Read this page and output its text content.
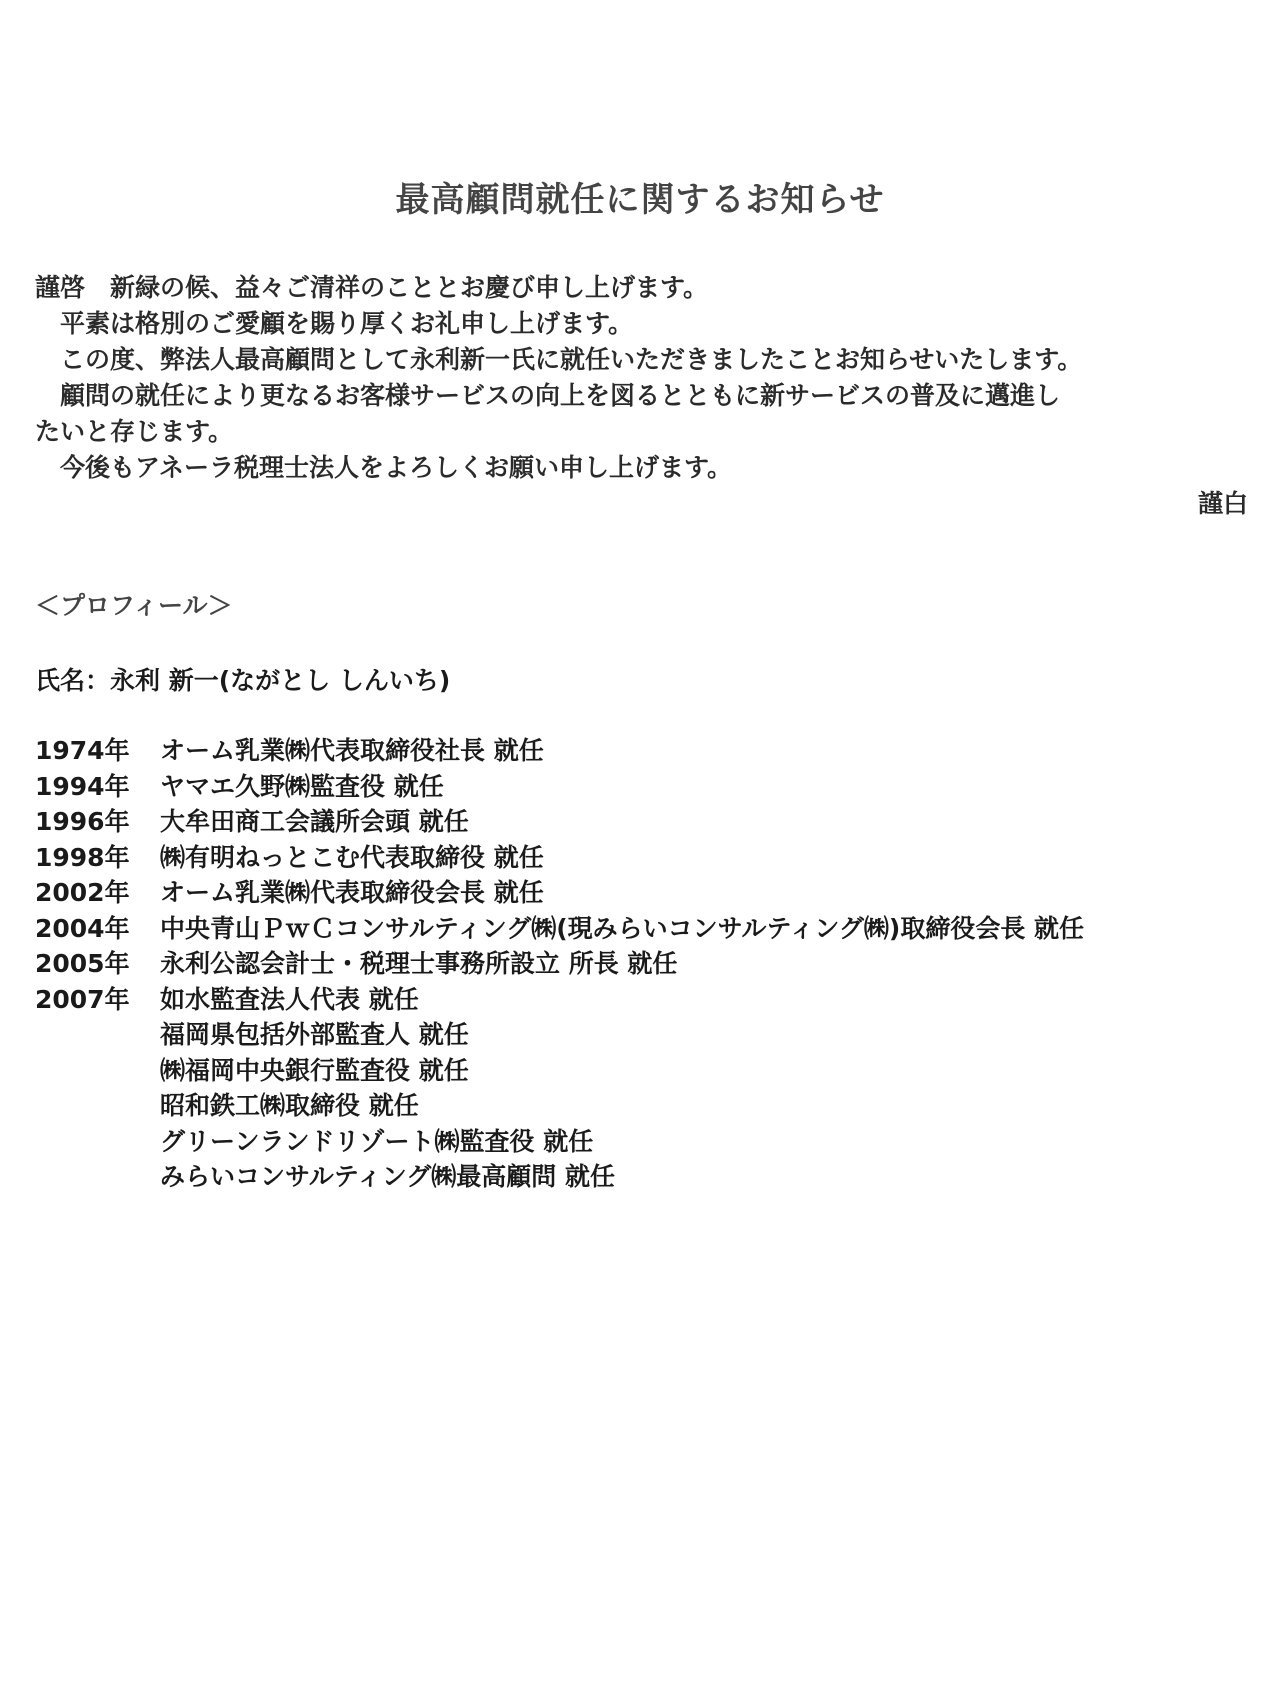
最高顧問就任に関するお知らせ
謹啓　新緑の候、益々ご清祥のこととお慶び申し上げます。
　平素は格別のご愛顧を賜り厚くお礼申し上げます。
　この度、弊法人最高顧問として永利新一氏に就任いただきましたことお知らせいたします。
　顧問の就任により更なるお客様サービスの向上を図るとともに新サービスの普及に邁進し
たいと存じます。
　今後もアネーラ税理士法人をよろしくお願い申し上げます。
謹白
＜プロフィール＞
氏名：永利 新一(ながとし しんいち)
1974年	オーム乳業㈱代表取締役社長 就任
1994年	ヤマエ久野㈱監査役 就任
1996年	大牟田商工会議所会頭 就任
1998年	㈱有明ねっとこむ代表取締役 就任
2002年	オーム乳業㈱代表取締役会長 就任
2004年	中央青山ＰｗＣコンサルティング㈱(現みらいコンサルティング㈱)取締役会長 就任
2005年	永利公認会計士・税理士事務所設立 所長 就任
2007年	如水監査法人代表 就任
福岡県包括外部監査人 就任
㈱福岡中央銀行監査役 就任
昭和鉄工㈱取締役 就任
グリーンランドリゾート㈱監査役 就任
みらいコンサルティング㈱最高顧問 就任
